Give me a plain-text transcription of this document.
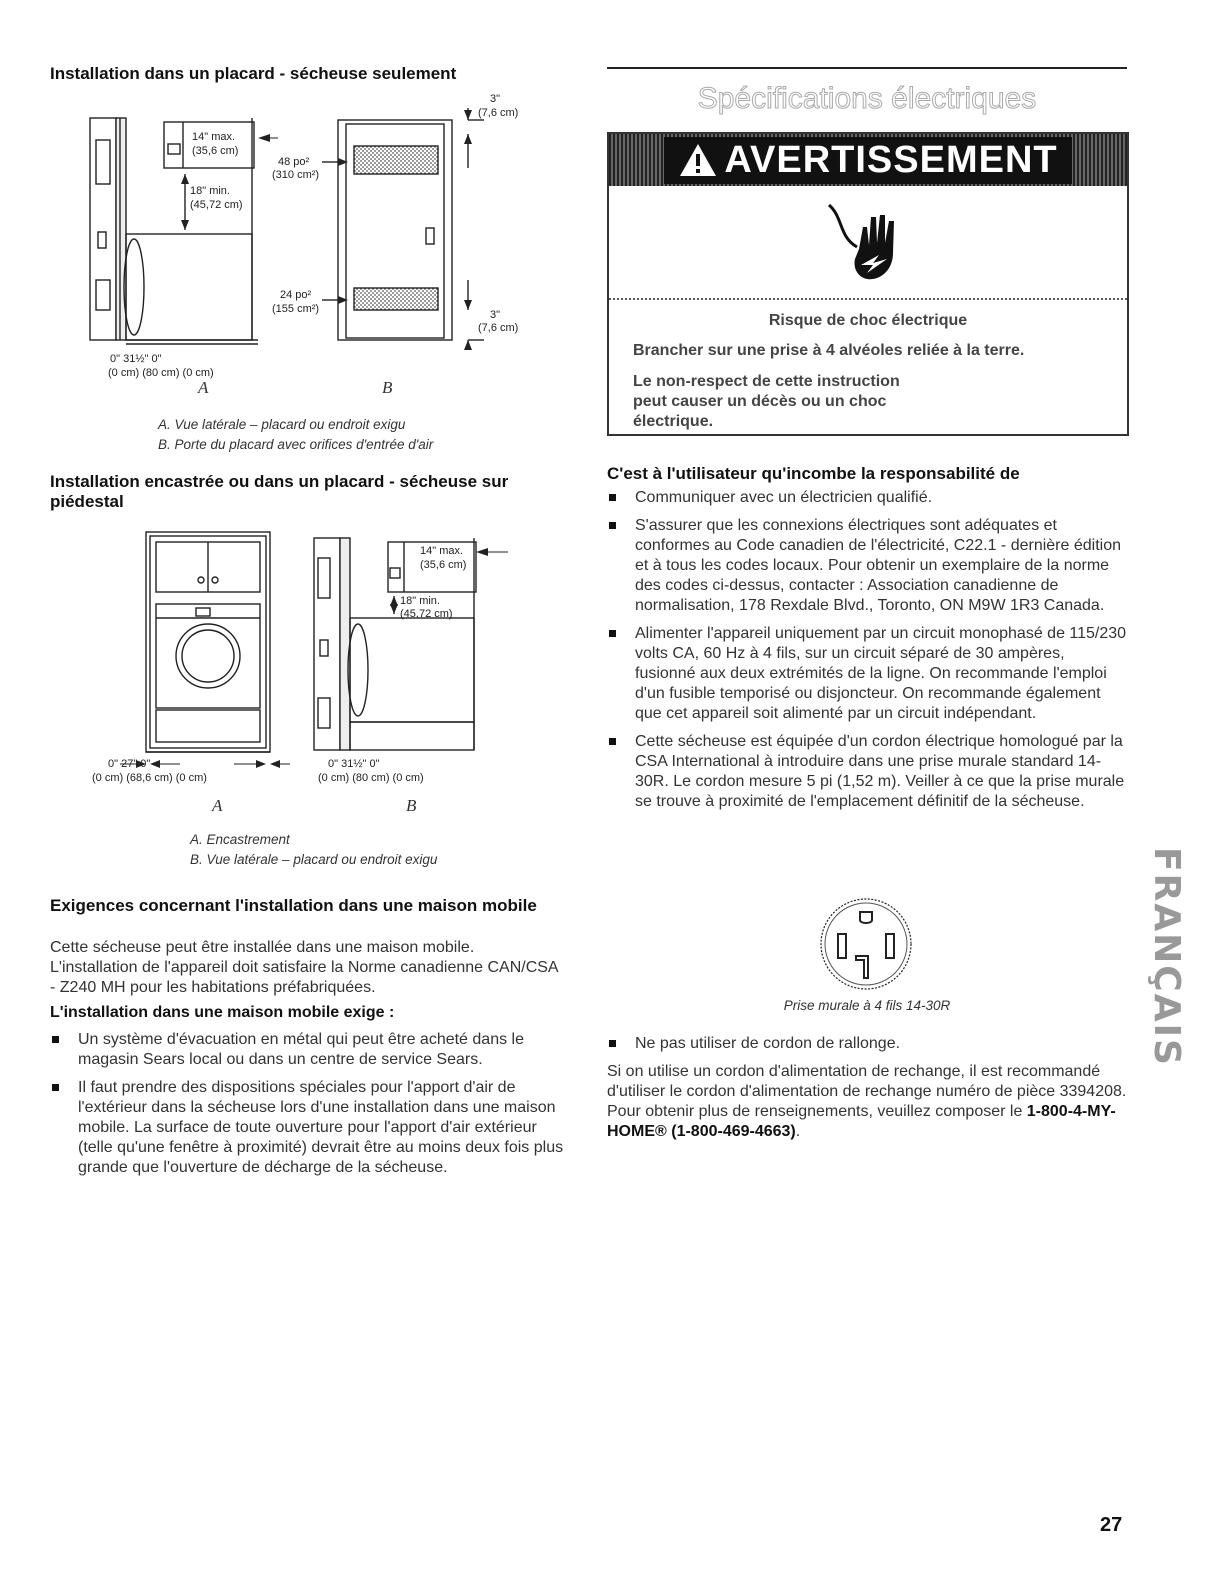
Installation dans un placard - sécheuse seulement
14" max.
(35,6 cm)
18" min.
(45,72 cm)
0" 31½" 0"
(0 cm) (80 cm) (0 cm)
48 po²
(310 cm²)
24 po²
(155 cm²)
3"
(7,6 cm)
3"
(7,6 cm)
A	B
A. Vue latérale – placard ou endroit exigu
B. Porte du placard avec orifices d'entrée d'air
Installation encastrée ou dans un placard - sécheuse sur piédestal
0" 27" 0"
(0 cm) (68,6 cm) (0 cm)
14" max.
(35,6 cm)
18" min.
(45,72 cm)
0" 31½" 0"
(0 cm) (80 cm) (0 cm)
A	B
A. Encastrement
B. Vue latérale – placard ou endroit exigu
Exigences concernant l'installation dans une maison mobile

Cette sécheuse peut être installée dans une maison mobile. L'installation de l'appareil doit satisfaire la Norme canadienne CAN/CSA - Z240 MH pour les habitations préfabriquées.

L'installation dans une maison mobile exige :
Un système d'évacuation en métal qui peut être acheté dans le magasin Sears local ou dans un centre de service Sears.
Il faut prendre des dispositions spéciales pour l'apport d'air de l'extérieur dans la sécheuse lors d'une installation dans une maison mobile. La surface de toute ouverture pour l'apport d'air extérieur (telle qu'une fenêtre à proximité) devrait être au moins deux fois plus grande que l'ouverture de décharge de la sécheuse.
Spécifications électriques
AVERTISSEMENT
Risque de choc électrique
Brancher sur une prise à 4 alvéoles reliée à la terre.
Le non-respect de cette instruction peut causer un décès ou un choc électrique.
C'est à l'utilisateur qu'incombe la responsabilité de
Communiquer avec un électricien qualifié.
S'assurer que les connexions électriques sont adéquates et conformes au Code canadien de l'électricité, C22.1 - dernière édition et à tous les codes locaux. Pour obtenir un exemplaire de la norme des codes ci-dessus, contacter : Association canadienne de normalisation, 178 Rexdale Blvd., Toronto, ON M9W 1R3 Canada.
Alimenter l'appareil uniquement par un circuit monophasé de 115/230 volts CA, 60 Hz à 4 fils, sur un circuit séparé de 30 ampères, fusionné aux deux extrémités de la ligne. On recommande l'emploi d'un fusible temporisé ou disjoncteur. On recommande également que cet appareil soit alimenté par un circuit indépendant.
Cette sécheuse est équipée d'un cordon électrique homologué par la CSA International à introduire dans une prise murale standard 14-30R. Le cordon mesure 5 pi (1,52 m). Veiller à ce que la prise murale se trouve à proximité de l'emplacement définitif de la sécheuse.
Prise murale à 4 fils 14-30R
Ne pas utiliser de cordon de rallonge.

Si on utilise un cordon d'alimentation de rechange, il est recommandé d'utiliser le cordon d'alimentation de rechange numéro de pièce 3394208. Pour obtenir plus de renseignements, veuillez composer le 1-800-4-MY-HOME® (1-800-469-4663).

FRANÇAIS
27
